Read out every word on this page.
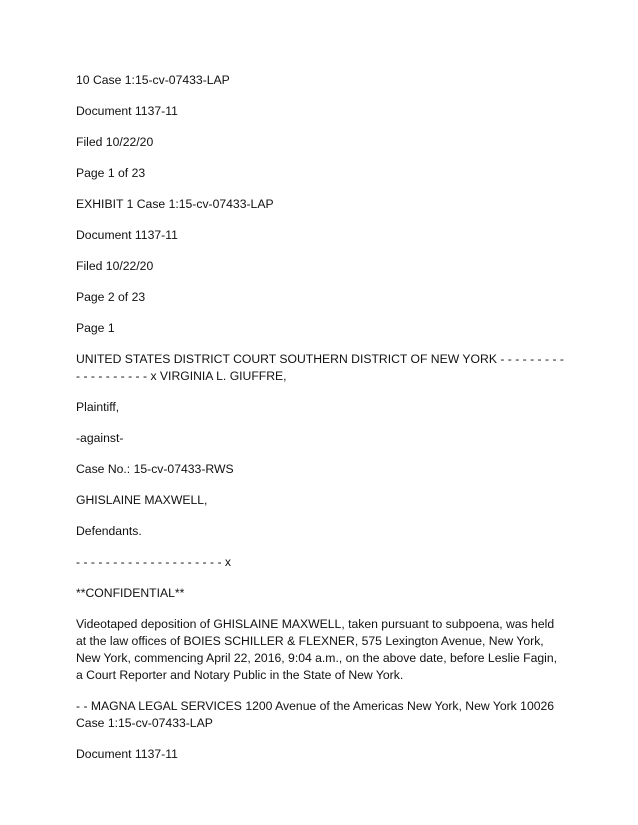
10 Case 1:15-cv-07433-LAP

Document 1137-11

Filed 10/22/20

Page 1 of 23

EXHIBIT 1 Case 1:15-cv-07433-LAP

Document 1137-11

Filed 10/22/20

Page 2 of 23

Page 1

UNITED STATES DISTRICT COURT SOUTHERN DISTRICT OF NEW YORK - - - - - - - - - - - - - - - - - - - x VIRGINIA L. GIUFFRE,

Plaintiff,

-against-

Case No.: 15-cv-07433-RWS

GHISLAINE MAXWELL,

Defendants.

- - - - - - - - - - - - - - - - - - - - x

**CONFIDENTIAL**

Videotaped deposition of GHISLAINE MAXWELL, taken pursuant to subpoena, was held at the law offices of BOIES SCHILLER & FLEXNER, 575 Lexington Avenue, New York, New York, commencing April 22, 2016, 9:04 a.m., on the above date, before Leslie Fagin, a Court Reporter and Notary Public in the State of New York.

- - MAGNA LEGAL SERVICES 1200 Avenue of the Americas New York, New York 10026 Case 1:15-cv-07433-LAP

Document 1137-11
